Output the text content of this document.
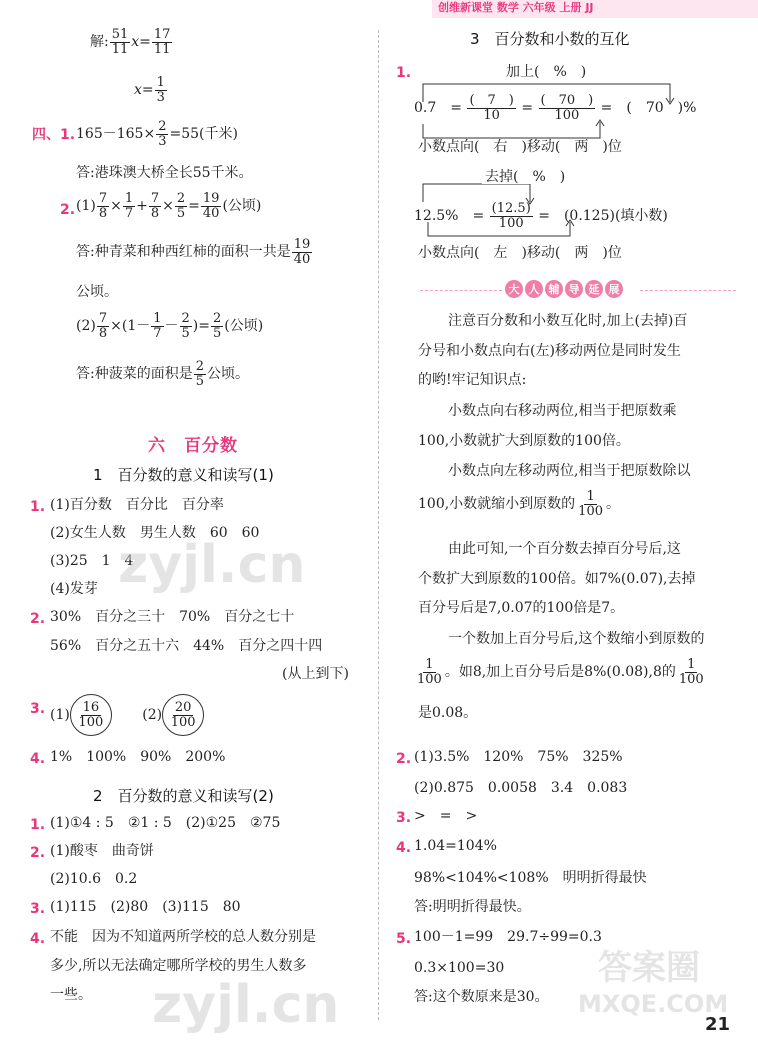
创维新课堂 数学 六年级 上册 JJ
解: $\frac{51}{11} x= \frac{17}{11}$
$x= \frac{1}{3}$
四、1. $165-165\times \frac{2}{3} =55$(千米)
答:港珠澳大桥全长55千米。
2. $(1) \frac{7}{8} \times \frac{1}{7} + \frac{7}{8} \times \frac{2}{5} = \frac{19}{40}$ (公顷)
答:种青菜和种西红柿的面积一共是 $\frac{19}{40}$
公顷。
$(2) \frac{7}{8} \times(1- \frac{1}{7} - \frac{2}{5}$ )= $\frac{2}{5}$ (公顷)
答:种菠菜的面积是 $\frac{2}{5}$ 公顷。
六　百分数
1　百分数的意义和读写(1)
1. (1)百分数　百分比　百分率
(2)女生人数　男生人数　60　60
(3)25　1　4
(4)发芽
2. 30%　百分之三十　70%　百分之七十
56%　百分之五十六　44%　百分之四十四
(从上到下)
3. $(1) \frac{16}{100}$	$(2) \frac{20}{100}$
4. 1%　100%　90%　200%
2　百分数的意义和读写(2)
1. (1)①4 : 5　②1 : 5　(2)①25　②75
2. (1)酸枣　曲奇饼
(2)10.6　0.2
3. (1)115　(2)80　(3)115　80
4. 不能　因为不知道两所学校的总人数分别是
多少,所以无法确定哪所学校的男生人数多
一些。
3　百分数和小数的互化
1.	加上(　%　)
0.7　= $\frac{( 7 )}{10} = \frac{( 70 )}{100}$ =　(　70　)%
小数点向(　右　)移动(　两　)位
去掉(　%　)
12.5%　= $\frac{(12.5)}{100}$ =　(0.125)(填小数)
小数点向(　左　)移动(　两　)位
大 人 辅 导 延 展
注意百分数和小数互化时,加上(去掉)百
分号和小数点向右(左)移动两位是同时发生
的哟!牢记知识点:
小数点向右移动两位,相当于把原数乘
100,小数就扩大到原数的100倍。
小数点向左移动两位,相当于把原数除以
100,小数就缩小到原数的 $\frac{1}{100}$ 。
由此可知,一个百分数去掉百分号后,这
个数扩大到原数的100倍。如7%(0.07),去掉
百分号后是7,0.07的100倍是7。
一个数加上百分号后,这个数缩小到原数的
$\frac{1}{100}$ 。如8,加上百分号后是8%(0.08),8的 $\frac{1}{100}$
是0.08。
2. (1)3.5%　120%　75%　325%
(2)0.875　0.0058　3.4　0.083
3. >　=　>
4. 1.04=104%
98%<104%<108%　明明折得最快
答:明明折得最快。
5. 100－1=99　29.7÷99=0.3
0.3×100=30
答:这个数原来是30。
21
zyjl.cn
zyjl.cn
答案圈
MXQE.COM
